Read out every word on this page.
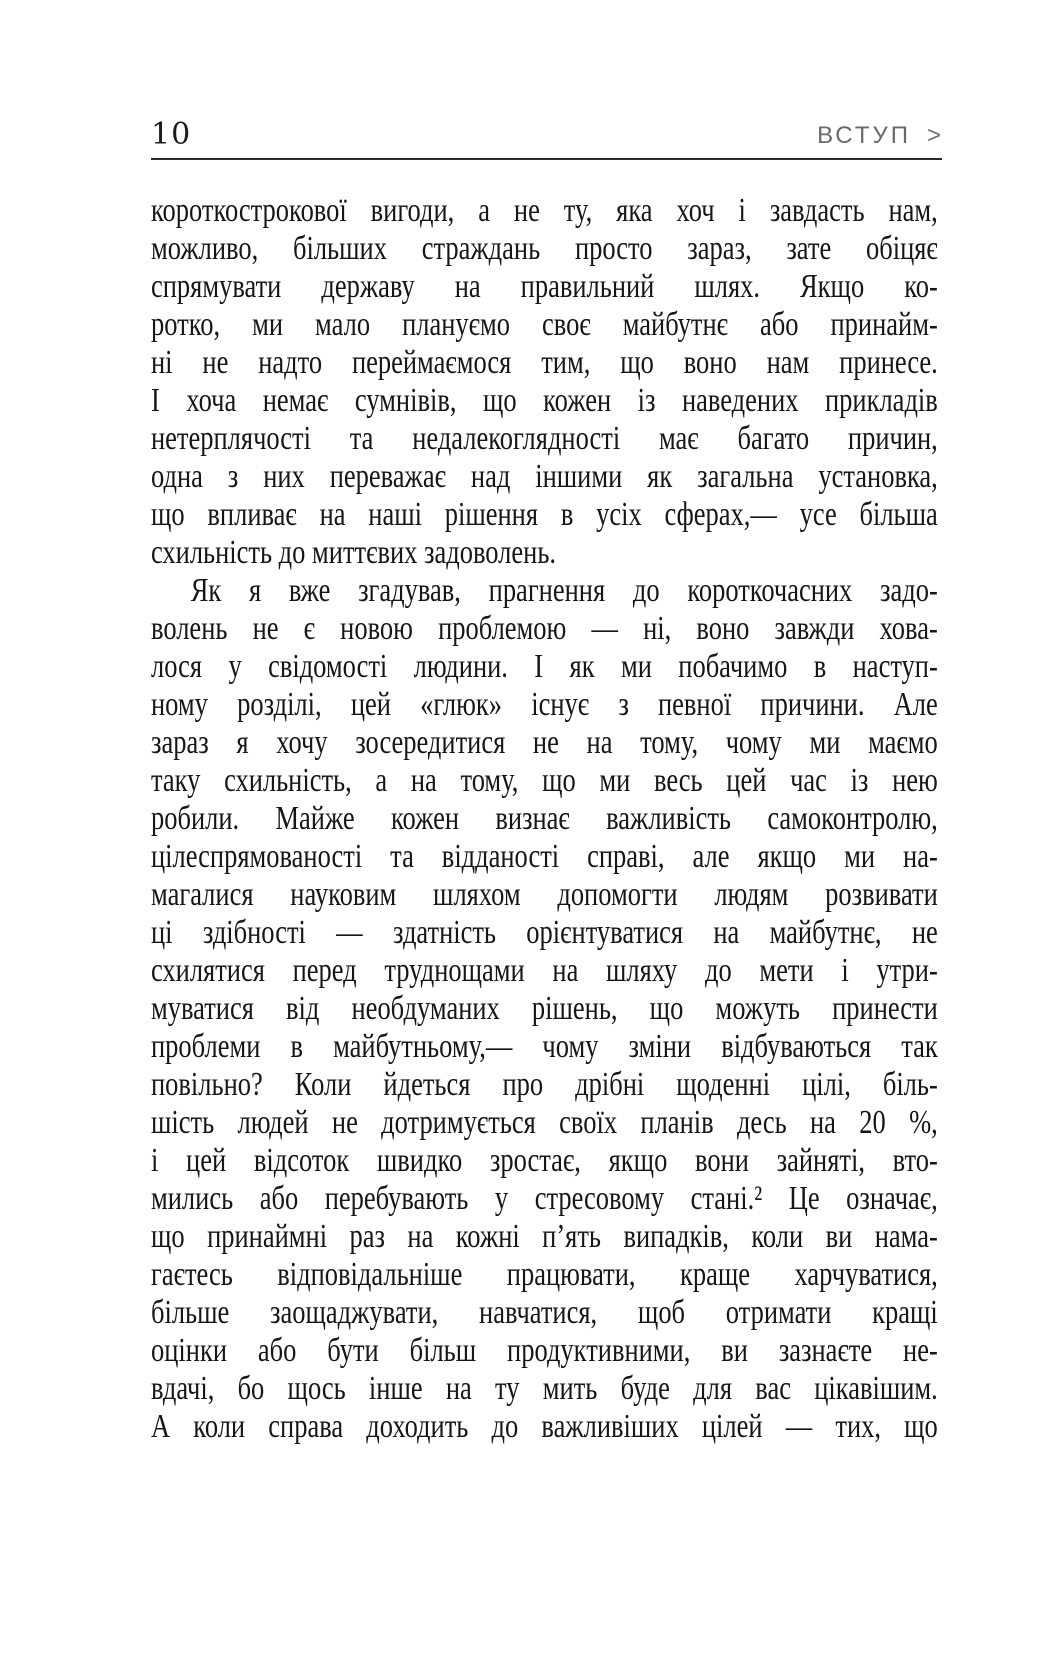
10	ВСТУП >
короткострокової вигоди, а не ту, яка хоч і завдасть нам,
можливо, більших страждань просто зараз, зате обіцяє
спрямувати державу на правильний шлях. Якщо ко-
ротко, ми мало плануємо своє майбутнє або принайм-
ні не надто переймаємося тим, що воно нам принесе.
І хоча немає сумнівів, що кожен із наведених прикладів
нетерплячості та недалекоглядності має багато причин,
одна з них переважає над іншими як загальна установка,
що впливає на наші рішення в усіх сферах,— усе більша
схильність до миттєвих задоволень.
Як я вже згадував, прагнення до короткочасних задо-
волень не є новою проблемою — ні, воно завжди хова-
лося у свідомості людини. І як ми побачимо в наступ-
ному розділі, цей «глюк» існує з певної причини. Але
зараз я хочу зосередитися не на тому, чому ми маємо
таку схильність, а на тому, що ми весь цей час із нею
робили. Майже кожен визнає важливість самоконтролю,
цілеспрямованості та відданості справі, але якщо ми на-
магалися науковим шляхом допомогти людям розвивати
ці здібності — здатність орієнтуватися на майбутнє, не
схилятися перед труднощами на шляху до мети і утри-
муватися від необдуманих рішень, що можуть принести
проблеми в майбутньому,— чому зміни відбуваються так
повільно? Коли йдеться про дрібні щоденні цілі, біль-
шість людей не дотримується своїх планів десь на 20 %,
і цей відсоток швидко зростає, якщо вони зайняті, вто-
мились або перебувають у стресовому стані.² Це означає,
що принаймні раз на кожні п’ять випадків, коли ви нама-
гаєтесь відповідальніше працювати, краще харчуватися,
більше заощаджувати, навчатися, щоб отримати кращі
оцінки або бути більш продуктивними, ви зазнаєте не-
вдачі, бо щось інше на ту мить буде для вас цікавішим.
А коли справа доходить до важливіших цілей — тих, що
